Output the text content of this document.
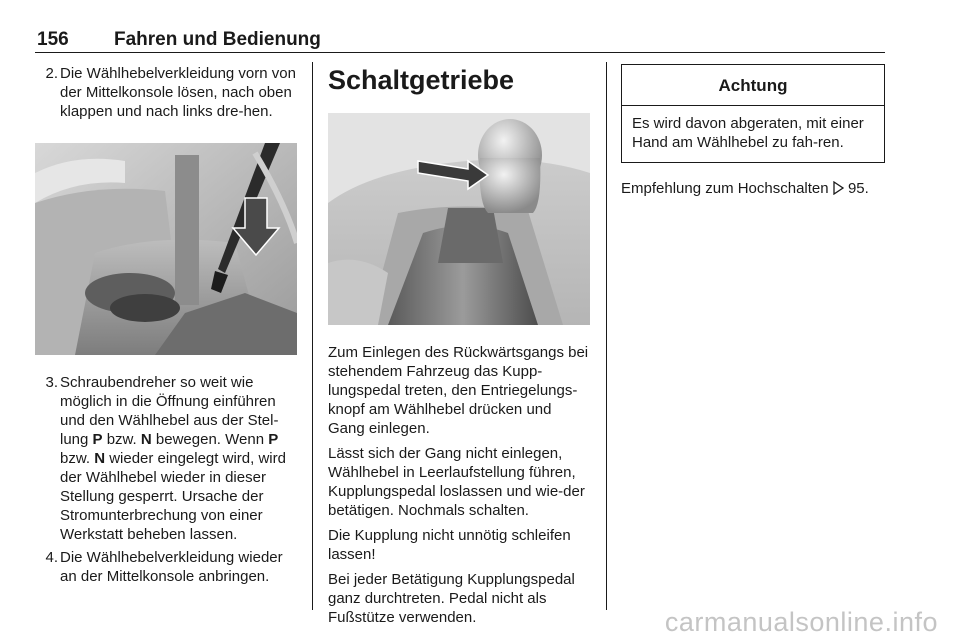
156 Fahren und Bedienung
2. Die Wählhebelverkleidung vorn von der Mittelkonsole lösen, nach oben klappen und nach links dre-hen.
3. Schraubendreher so weit wie möglich in die Öffnung einführen und den Wählhebel aus der Stel-lung P bzw. N bewegen. Wenn P bzw. N wieder eingelegt wird, wird der Wählhebel wieder in dieser Stellung gesperrt. Ursache der Stromunterbrechung von einer Werkstatt beheben lassen.
4. Die Wählhebelverkleidung wieder an der Mittelkonsole anbringen.
Schaltgetriebe

Zum Einlegen des Rückwärtsgangs bei stehendem Fahrzeug das Kupp-lungspedal treten, den Entriegelungs-knopf am Wählhebel drücken und Gang einlegen.

Lässt sich der Gang nicht einlegen, Wählhebel in Leerlaufstellung führen, Kupplungspedal loslassen und wie-der betätigen. Nochmals schalten.

Die Kupplung nicht unnötig schleifen lassen!

Bei jeder Betätigung Kupplungspedal ganz durchtreten. Pedal nicht als Fußstütze verwenden.

Achtung
Es wird davon abgeraten, mit einer Hand am Wählhebel zu fah-ren.

Empfehlung zum Hochschalten  95.

carmanualsonline.info
